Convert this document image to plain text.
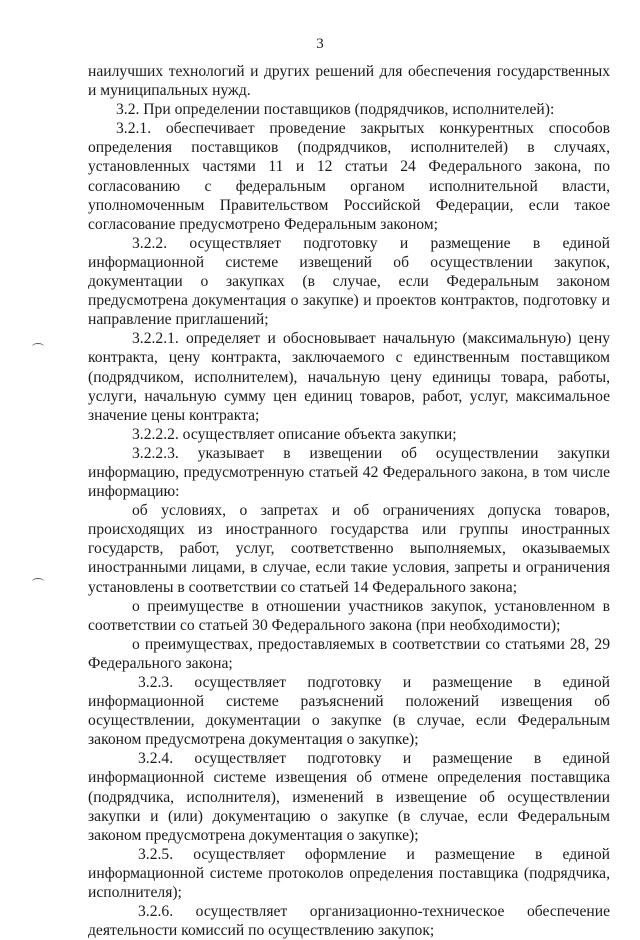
3

наилучших технологий и других решений для обеспечения государственных и муниципальных нужд.

3.2. При определении поставщиков (подрядчиков, исполнителей):

3.2.1. обеспечивает проведение закрытых конкурентных способов определения поставщиков (подрядчиков, исполнителей) в случаях, установленных частями 11 и 12 статьи 24 Федерального закона, по согласованию с федеральным органом исполнительной власти, уполномоченным Правительством Российской Федерации, если такое согласование предусмотрено Федеральным законом;

3.2.2. осуществляет подготовку и размещение в единой информационной системе извещений об осуществлении закупок, документации о закупках (в случае, если Федеральным законом предусмотрена документация о закупке) и проектов контрактов, подготовку и направление приглашений;

3.2.2.1. определяет и обосновывает начальную (максимальную) цену контракта, цену контракта, заключаемого с единственным поставщиком (подрядчиком, исполнителем), начальную цену единицы товара, работы, услуги, начальную сумму цен единиц товаров, работ, услуг, максимальное значение цены контракта;

3.2.2.2. осуществляет описание объекта закупки;

3.2.2.3. указывает в извещении об осуществлении закупки информацию, предусмотренную статьей 42 Федерального закона, в том числе информацию:

об условиях, о запретах и об ограничениях допуска товаров, происходящих из иностранного государства или группы иностранных государств, работ, услуг, соответственно выполняемых, оказываемых иностранными лицами, в случае, если такие условия, запреты и ограничения установлены в соответствии со статьей 14 Федерального закона;

о преимуществе в отношении участников закупок, установленном в соответствии со статьей 30 Федерального закона (при необходимости);

о преимуществах, предоставляемых в соответствии со статьями 28, 29 Федерального закона;

3.2.3. осуществляет подготовку и размещение в единой информационной системе разъяснений положений извещения об осуществлении, документации о закупке (в случае, если Федеральным законом предусмотрена документация о закупке);

3.2.4. осуществляет подготовку и размещение в единой информационной системе извещения об отмене определения поставщика (подрядчика, исполнителя), изменений в извещение об осуществлении закупки и (или) документацию о закупке (в случае, если Федеральным законом предусмотрена документация о закупке);

3.2.5. осуществляет оформление и размещение в единой информационной системе протоколов определения поставщика (подрядчика, исполнителя);

3.2.6. осуществляет организационно-техническое обеспечение деятельности комиссий по осуществлению закупок;
